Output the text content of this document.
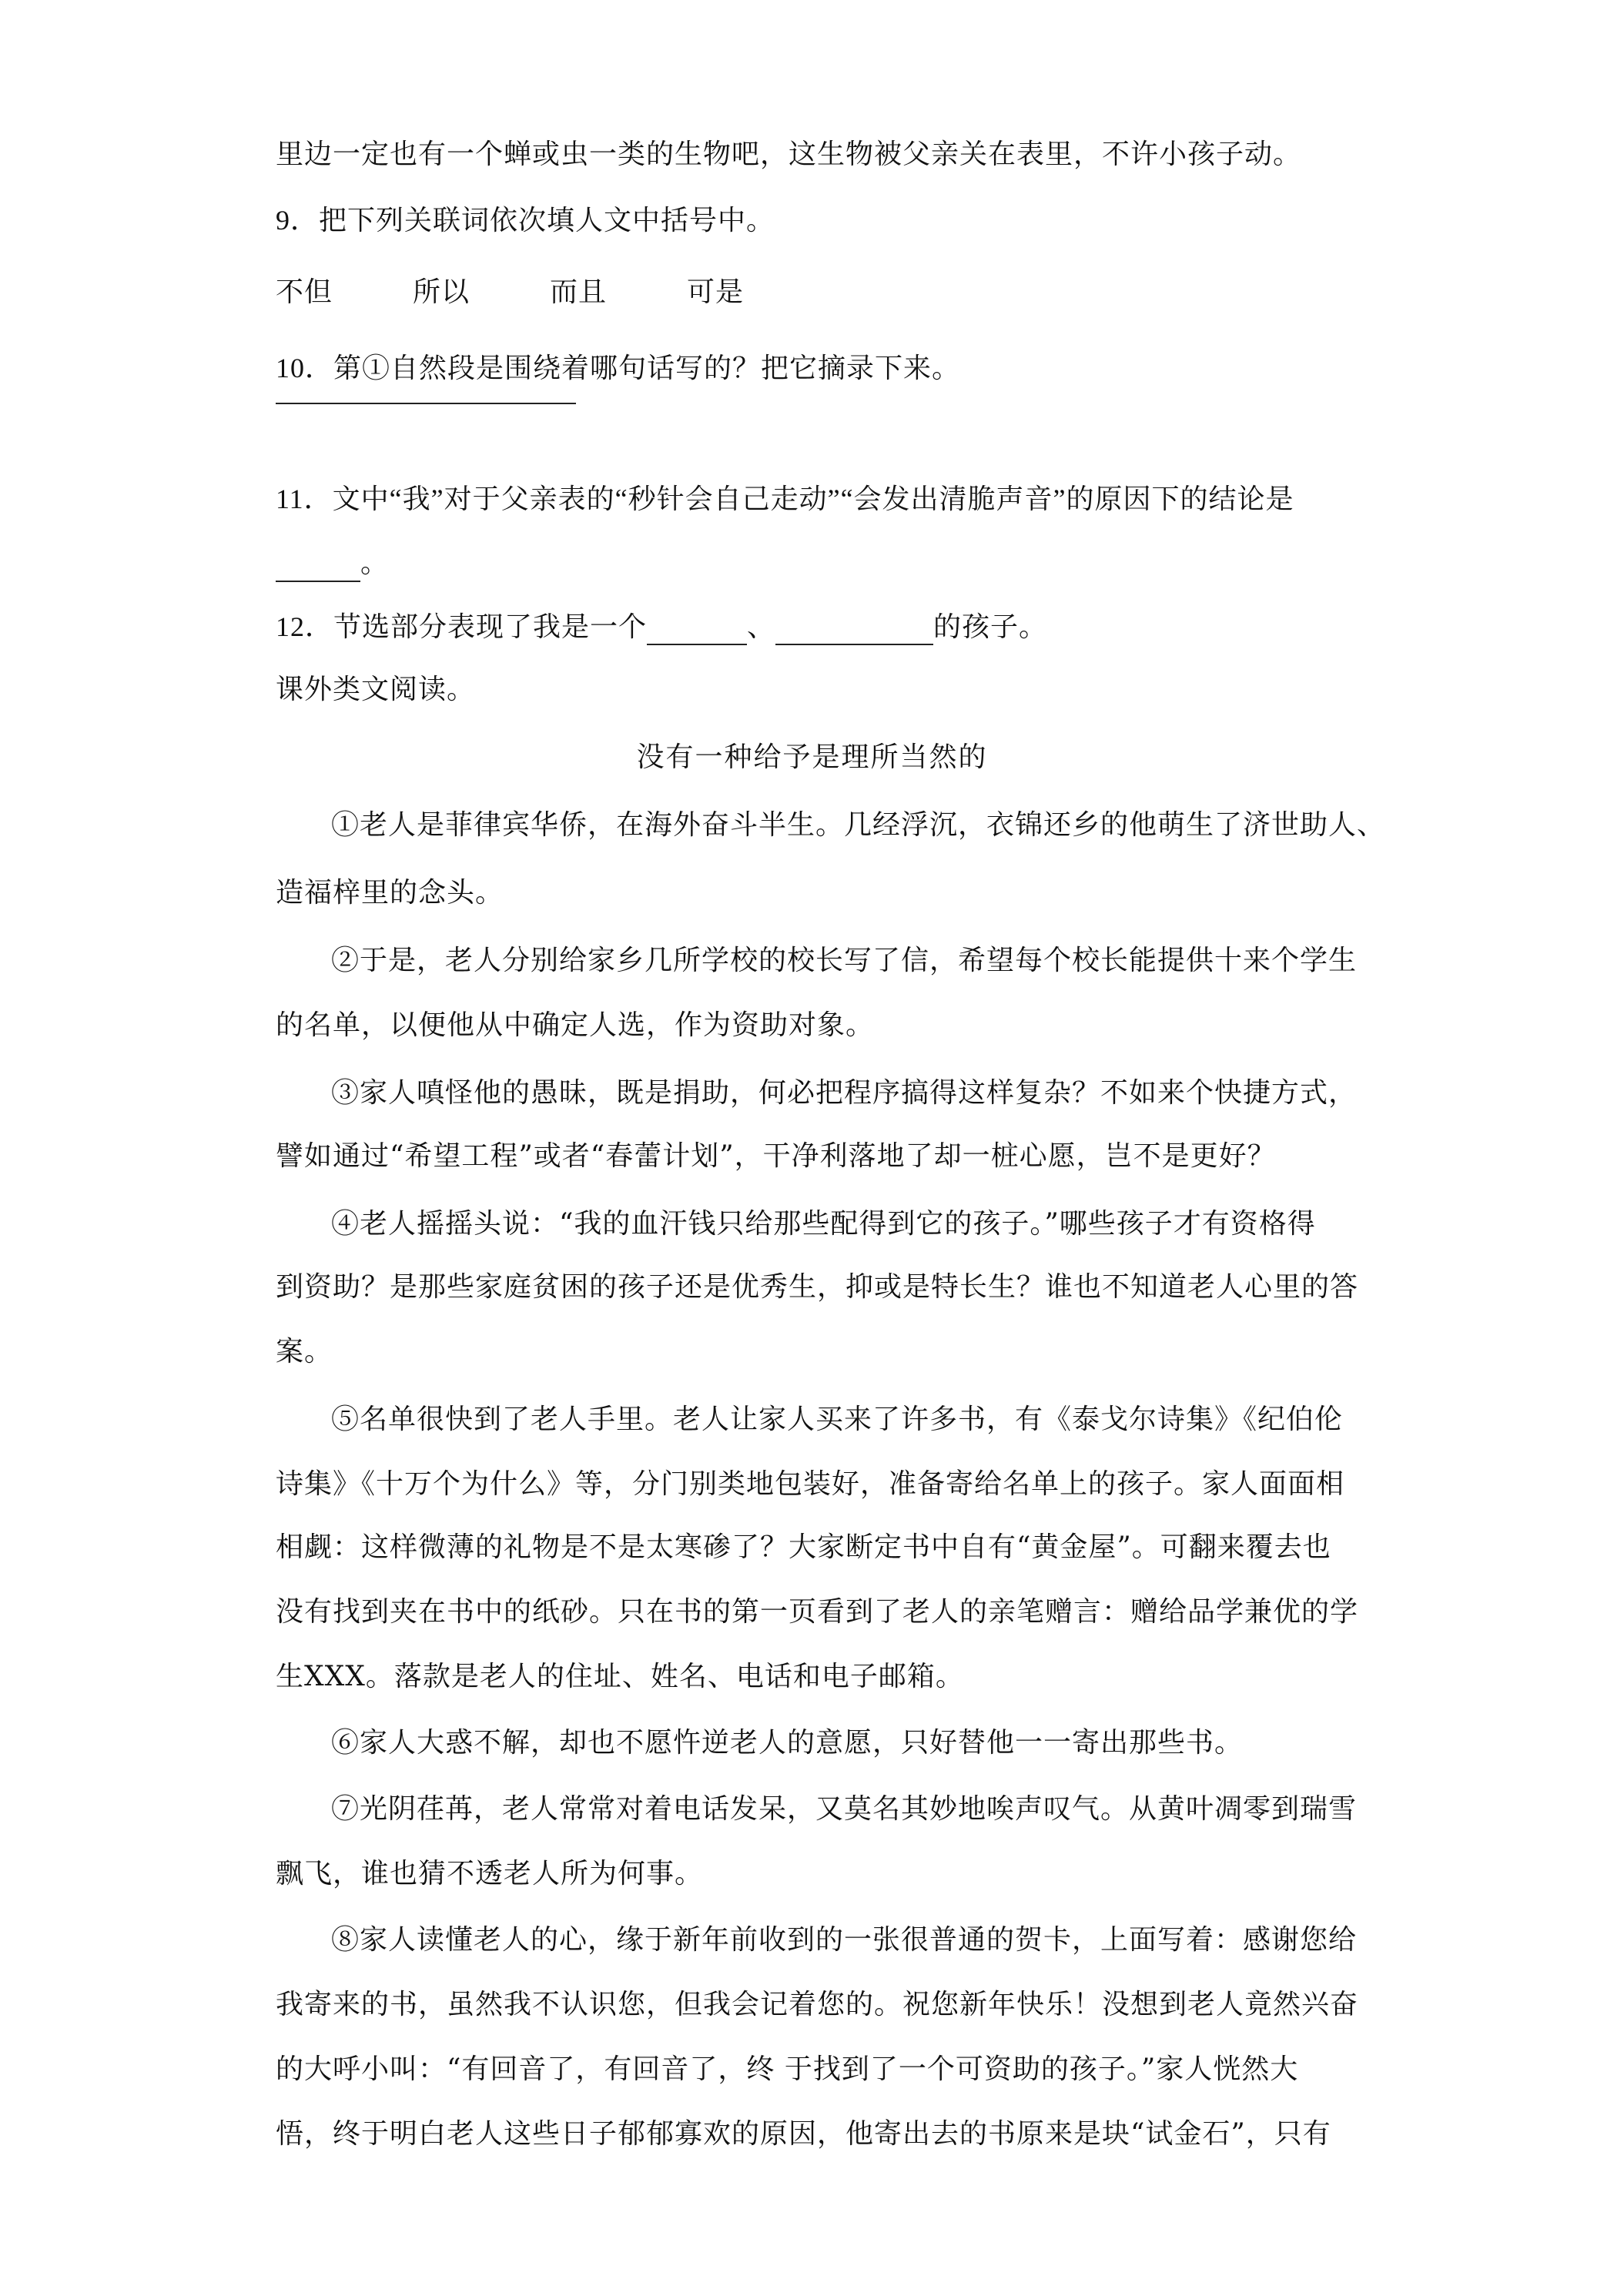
里边一定也有一个蝉或虫一类的生物吧，这生物被父亲关在表里，不许小孩子动。
9．把下列关联词依次填人文中括号中。
不但	所以	而且	可是
10．第①自然段是围绕着哪句话写的？把它摘录下来。
11．文中“我”对于父亲表的“秒针会自己走动”“会发出清脆声音”的原因下的结论是
。
12．节选部分表现了我是一个	、	的孩子。
课外类文阅读。
没有一种给予是理所当然的
①老人是菲律宾华侨，在海外奋斗半生。几经浮沉，衣锦还乡的他萌生了济世助人、
造福梓里的念头。
②于是，老人分别给家乡几所学校的校长写了信，希望每个校长能提供十来个学生
的名单，以便他从中确定人选，作为资助对象。
③家人嗔怪他的愚昧，既是捐助，何必把程序搞得这样复杂？不如来个快捷方式，
譬如通过“希望工程”或者“春蕾计划”，干净利落地了却一桩心愿，岂不是更好？
④老人摇摇头说：“我的血汗钱只给那些配得到它的孩子。”哪些孩子才有资格得
到资助？是那些家庭贫困的孩子还是优秀生，抑或是特长生？谁也不知道老人心里的答
案。
⑤名单很快到了老人手里。老人让家人买来了许多书，有《泰戈尔诗集》《纪伯伦
诗集》《十万个为什么》等，分门别类地包装好，准备寄给名单上的孩子。家人面面相
相觑：这样微薄的礼物是不是太寒碜了？大家断定书中自有“黄金屋”。可翻来覆去也
没有找到夹在书中的纸砂。只在书的第一页看到了老人的亲笔赠言：赠给品学兼优的学
生XXX。落款是老人的住址、姓名、电话和电子邮箱。
⑥家人大惑不解，却也不愿忤逆老人的意愿，只好替他一一寄出那些书。
⑦光阴荏苒，老人常常对着电话发呆，又莫名其妙地唉声叹气。从黄叶凋零到瑞雪
飘飞，谁也猜不透老人所为何事。
⑧家人读懂老人的心，缘于新年前收到的一张很普通的贺卡，上面写着：感谢您给
我寄来的书，虽然我不认识您，但我会记着您的。祝您新年快乐！没想到老人竟然兴奋
的大呼小叫：“有回音了，有回音了，终 于找到了一个可资助的孩子。”家人恍然大
悟，终于明白老人这些日子郁郁寡欢的原因，他寄出去的书原来是块“试金石”，只有
